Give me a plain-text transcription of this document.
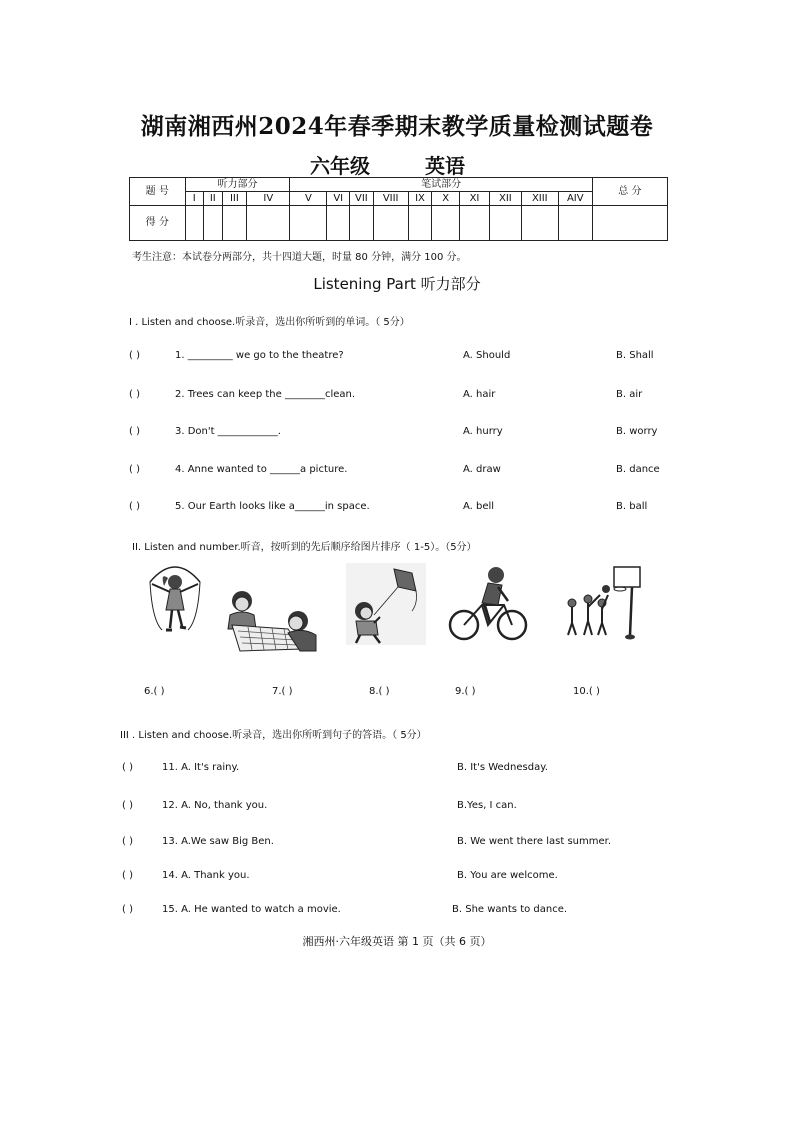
湖南湘西州2024年春季期末教学质量检测试题卷
六年级	英语
题 号	听力部分				笔试部分										总 分
	I	II	III	IV	V	VI	VII	VIII	IX	X	XI	XII	XIII	AIV	
得 分															
考生注意：本试卷分两部分，共十四道大题，时量 80 分钟，满分 100 分。
Listening Part 听力部分
I . Listen and choose.听录音，选出你所听到的单词。（ 5分）
( )	1. _________ we go to the theatre?	A. Should	B. Shall
( )	2. Trees can keep the ________clean.	A. hair	B. air
( )	3. Don't ____________.	A. hurry	B. worry
( )	4. Anne wanted to ______a picture.	A. draw	B. dance
( )	5. Our Earth looks like a______in space.	A. bell	B. ball
II. Listen and number.听音，按听到的先后顺序给图片排序（ 1-5）。（5分）
6.( )	7.( )	8.( )	9.( )	10.( )
III . Listen and choose.听录音，选出你所听到句子的答语。（ 5分）
( )	11. A. It's rainy.	B. It's Wednesday.
( )	12. A. No, thank you.	B.Yes, I can.
( )	13. A.We saw Big Ben.	B. We went there last summer.
( )	14. A. Thank you.	B. You are welcome.
( )	15. A. He wanted to watch a movie.	B. She wants to dance.
湘西州·六年级英语 第 1 页（共 6 页）
